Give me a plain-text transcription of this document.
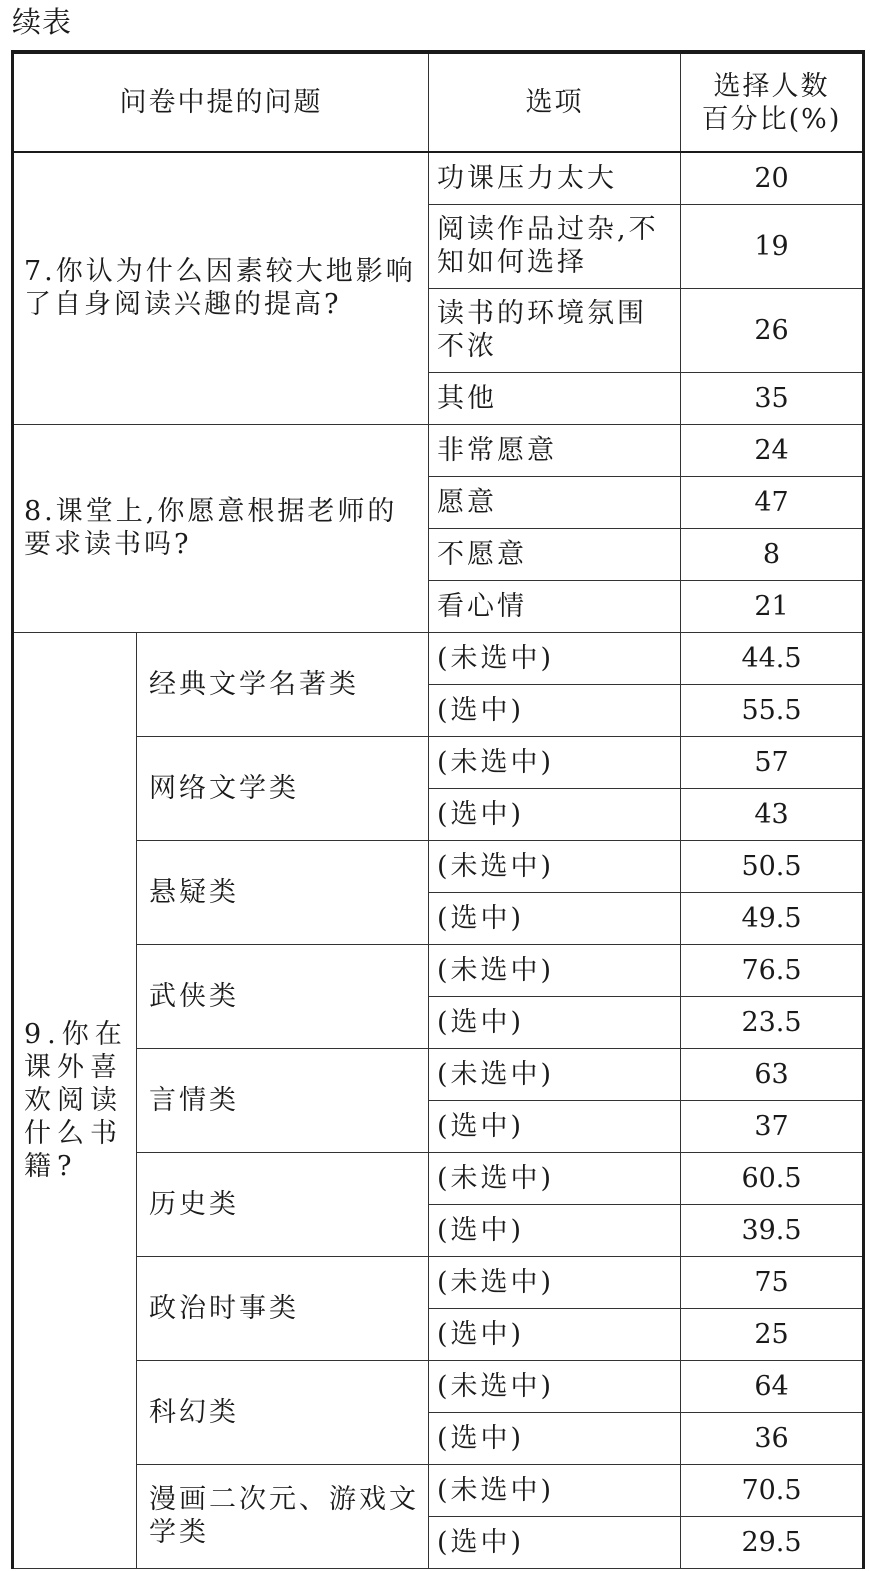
续表
问卷中提的问题		选项	选择人数
百分比(%)

7.你认为什么因素较大地影响了自身阅读兴趣的提高?		功课压力太大	20
		阅读作品过杂,不知如何选择	19
		读书的环境氛围不浓	26
		其他	35
8.课堂上,你愿意根据老师的要求读书吗?		非常愿意	24
		愿意	47
		不愿意	8
		看心情	21
9.你在课外喜欢阅读什么书籍?	经典文学名著类	(未选中)	44.5
		(选中)	55.5
	网络文学类	(未选中)	57
		(选中)	43
	悬疑类	(未选中)	50.5
		(选中)	49.5
	武侠类	(未选中)	76.5
		(选中)	23.5
	言情类	(未选中)	63
		(选中)	37
	历史类	(未选中)	60.5
		(选中)	39.5
	政治时事类	(未选中)	75
		(选中)	25
	科幻类	(未选中)	64
		(选中)	36
	漫画二次元、游戏文学类	(未选中)	70.5
		(选中)	29.5
